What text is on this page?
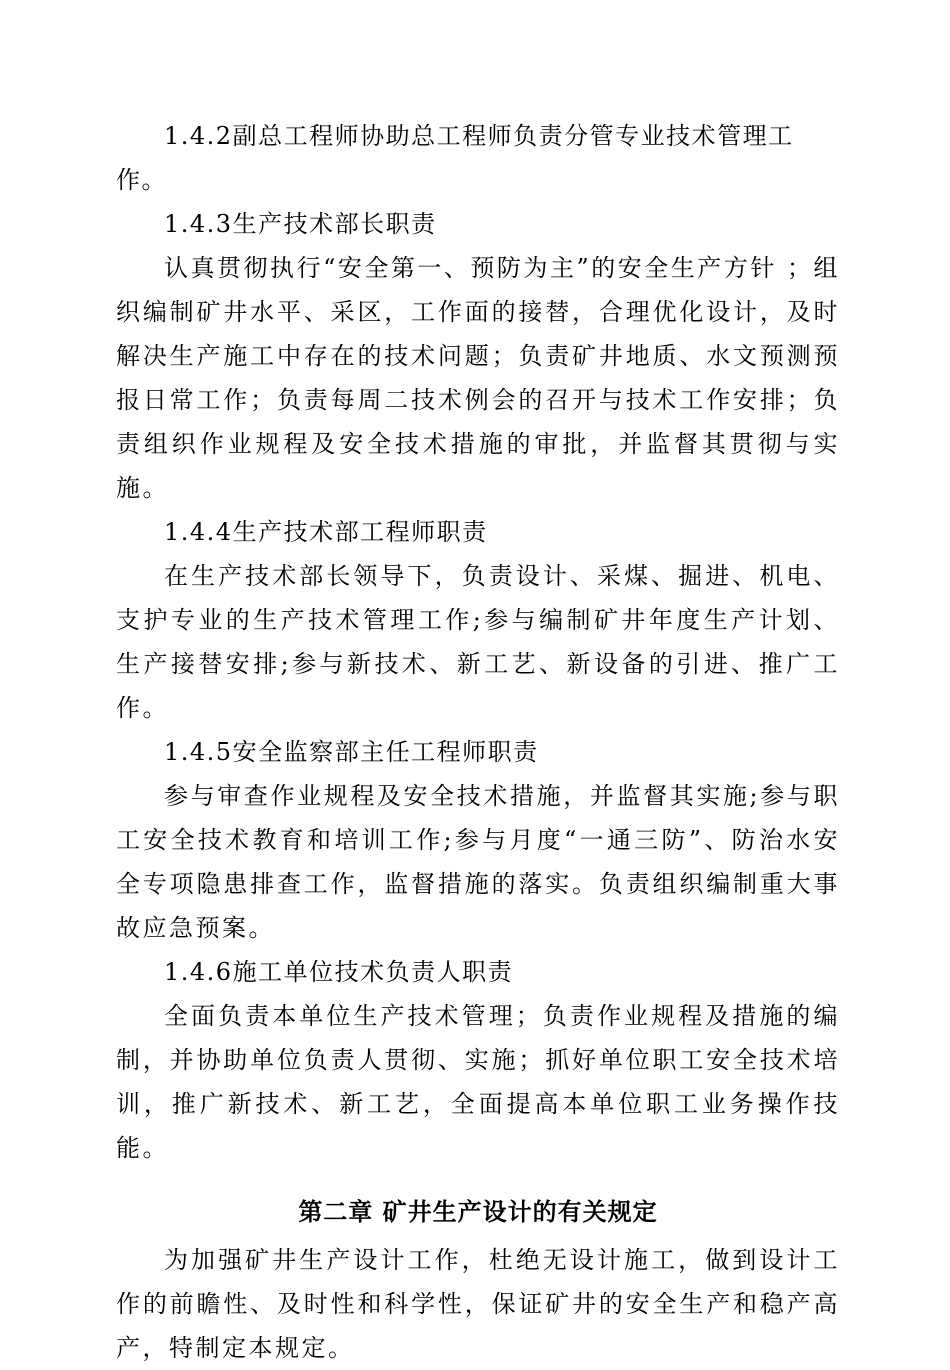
1.4.2副总工程师协助总工程师负责分管专业技术管理工作。

1.4.3生产技术部长职责

认真贯彻执行“安全第一、预防为主”的安全生产方针 ；组织编制矿井水平、采区，工作面的接替，合理优化设计，及时解决生产施工中存在的技术问题；负责矿井地质、水文预测预报日常工作；负责每周二技术例会的召开与技术工作安排；负责组织作业规程及安全技术措施的审批，并监督其贯彻与实施。

1.4.4生产技术部工程师职责

在生产技术部长领导下，负责设计、采煤、掘进、机电、支护专业的生产技术管理工作;参与编制矿井年度生产计划、生产接替安排;参与新技术、新工艺、新设备的引进、推广工作。

1.4.5安全监察部主任工程师职责

参与审查作业规程及安全技术措施，并监督其实施;参与职工安全技术教育和培训工作;参与月度“一通三防”、防治水安全专项隐患排查工作，监督措施的落实。负责组织编制重大事故应急预案。

1.4.6施工单位技术负责人职责

全面负责本单位生产技术管理；负责作业规程及措施的编制，并协助单位负责人贯彻、实施；抓好单位职工安全技术培训，推广新技术、新工艺，全面提高本单位职工业务操作技能。

第二章 矿井生产设计的有关规定

为加强矿井生产设计工作，杜绝无设计施工，做到设计工作的前瞻性、及时性和科学性，保证矿井的安全生产和稳产高产，特制定本规定。
